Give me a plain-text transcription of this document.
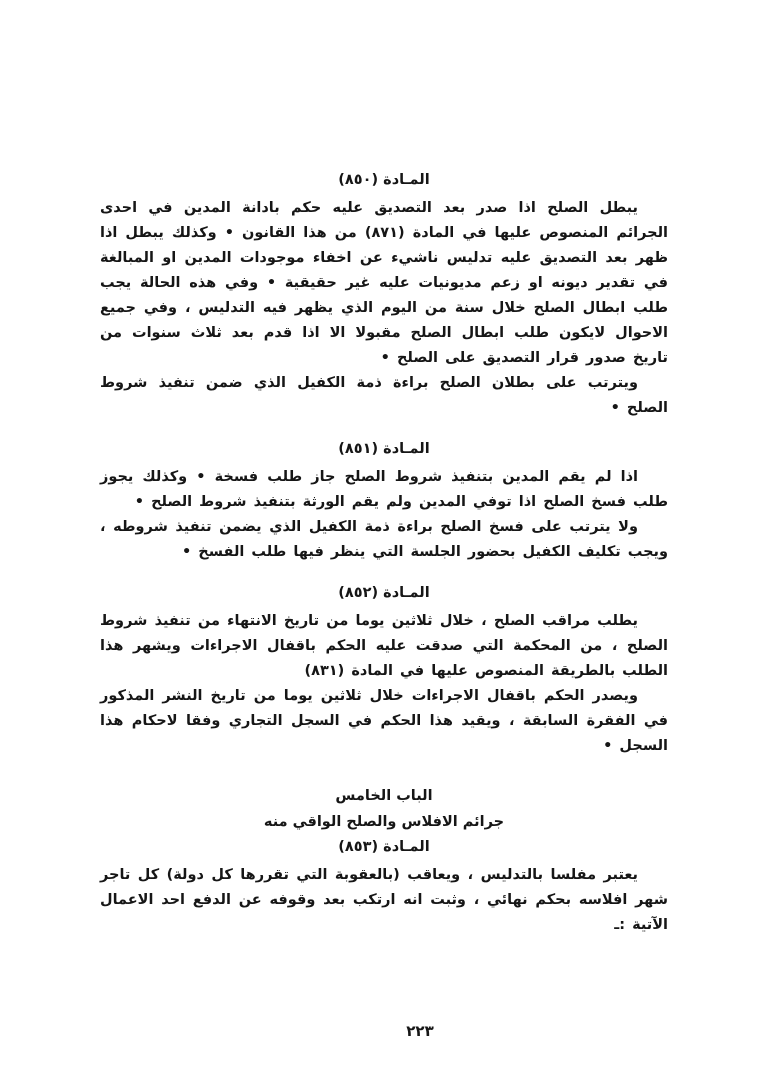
المـادة (٨٥٠)

يبطل الصلح اذا صدر بعد التصديق عليه حكم بادانة المدين في احدى الجرائم المنصوص عليها في المادة (٨٧١) من هذا القانون • وكذلك يبطل اذا ظهر بعد التصديق عليه تدليس ناشيء عن اخفاء موجودات المدين او المبالغة في تقدير ديونه او زعم مديونيات عليه غير حقيقية • وفي هذه الحالة يجب طلب ابطال الصلح خلال سنة من اليوم الذي يظهر فيه التدليس ، وفي جميع الاحوال لايكون طلب ابطال الصلح مقبولا الا اذا قدم بعد ثلاث سنوات من تاريخ صدور قرار التصديق على الصلح •

ويترتب على بطلان الصلح براءة ذمة الكفيل الذي ضمن تنفيذ شروط الصلح •

المـادة (٨٥١)

اذا لم يقم المدين بتنفيذ شروط الصلح جاز طلب فسخة • وكذلك يجوز طلب فسخ الصلح اذا توفي المدين ولم يقم الورثة بتنفيذ شروط الصلح •

ولا يترتب على فسخ الصلح براءة ذمة الكفيل الذي يضمن تنفيذ شروطه ، ويجب تكليف الكفيل بحضور الجلسة التي ينظر فيها طلب الفسخ •

المـادة (٨٥٢)

يطلب مراقب الصلح ، خلال ثلاثين يوما من تاريخ الانتهاء من تنفيذ شروط الصلح ، من المحكمة التي صدقت عليه الحكم باقفال الاجراءات ويشهر هذا الطلب بالطريقة المنصوص عليها في المادة (٨٣١)

ويصدر الحكم باقفال الاجراءات خلال ثلاثين يوما من تاريخ النشر المذكور في الفقرة السابقة ، ويقيد هذا الحكم في السجل التجاري وفقا لاحكام هذا السجل •

الباب الخامس

جرائم الافلاس والصلح الواقي منه

المـادة (٨٥٣)

يعتبر مفلسا بالتدليس ، ويعاقب (بالعقوبة التي تقررها كل دولة) كل تاجر شهر افلاسه بحكم نهائي ، وثبت انه ارتكب بعد وقوفه عن الدفع احد الاعمال الآتية :ـ

٢٢٣
